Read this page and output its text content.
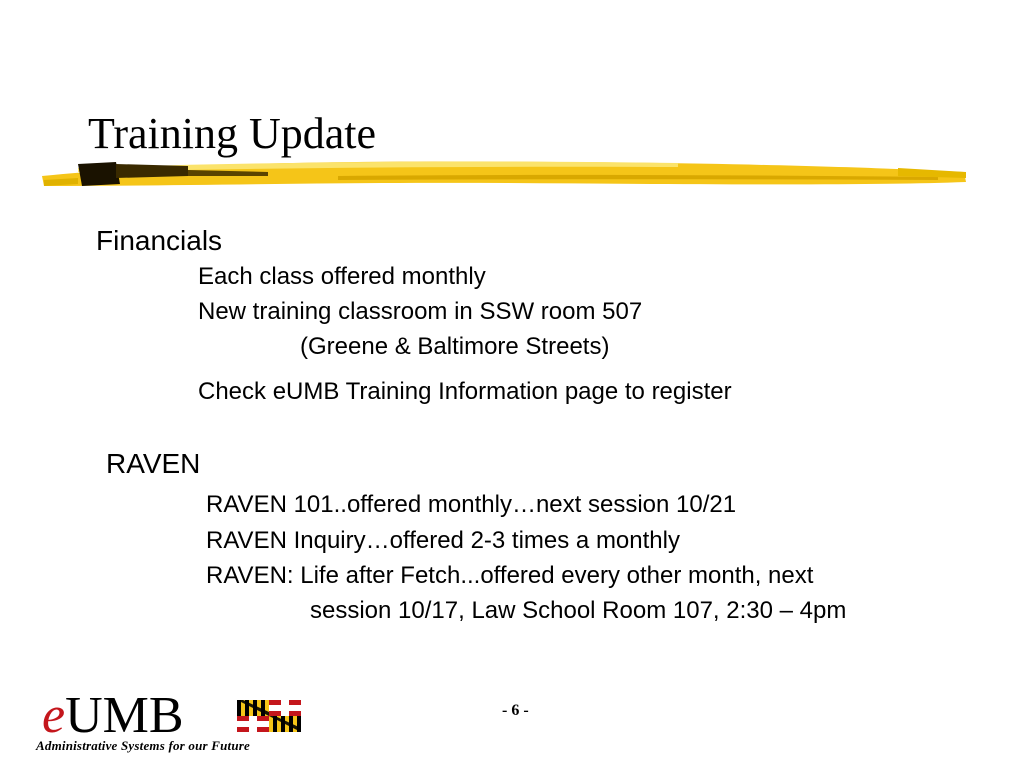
Training Update
Financials
Each class offered monthly
New training classroom in SSW room 507
(Greene & Baltimore Streets)
Check eUMB Training Information page to register
RAVEN
RAVEN 101..offered monthly…next session 10/21
RAVEN Inquiry…offered 2-3 times a monthly
RAVEN: Life after Fetch...offered every other month, next
session 10/17, Law School Room 107, 2:30 – 4pm
eUMB
Administrative Systems for our Future
- 6 -
